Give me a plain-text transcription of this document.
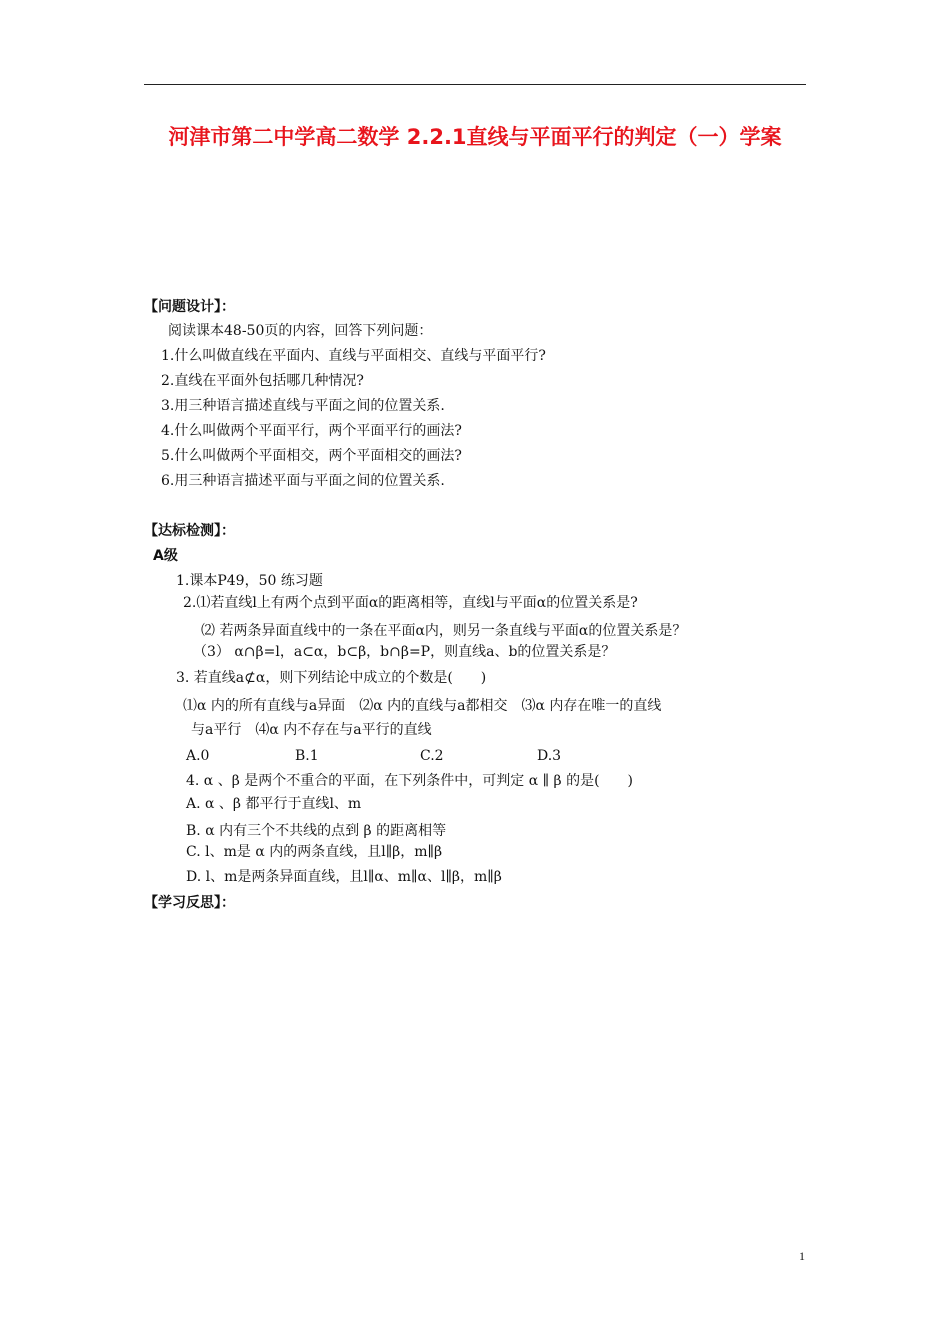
河津市第二中学高二数学 2.2.1直线与平面平行的判定（一）学案
【问题设计】：
阅读课本48-50页的内容，回答下列问题：
1.什么叫做直线在平面内、直线与平面相交、直线与平面平行?
2.直线在平面外包括哪几种情况?
3.用三种语言描述直线与平面之间的位置关系.
4.什么叫做两个平面平行，两个平面平行的画法?
5.什么叫做两个平面相交，两个平面相交的画法?
6.用三种语言描述平面与平面之间的位置关系.
【达标检测】：
A级
1.课本P49，50 练习题
2.⑴若直线l上有两个点到平面α的距离相等，直线l与平面α的位置关系是?
⑵ 若两条异面直线中的一条在平面α内，则另一条直线与平面α的位置关系是？
（3） α∩β=l，a⊂α，b⊂β，b∩β=P，则直线a、b的位置关系是？
3. 若直线a⊄α，则下列结论中成立的个数是(　　)
⑴α 内的所有直线与a异面　⑵α 内的直线与a都相交　⑶α 内存在唯一的直线
与a平行　⑷α 内不存在与a平行的直线
A.0	B.1	C.2	D.3
4. α 、β 是两个不重合的平面，在下列条件中，可判定 α ∥ β 的是(　　)
A. α 、β 都平行于直线l、m
B. α 内有三个不共线的点到 β 的距离相等
C. l、m是 α 内的两条直线，且l∥β，m∥β
D. l、m是两条异面直线，且l∥α、m∥α、l∥β，m∥β
【学习反思】：
1
